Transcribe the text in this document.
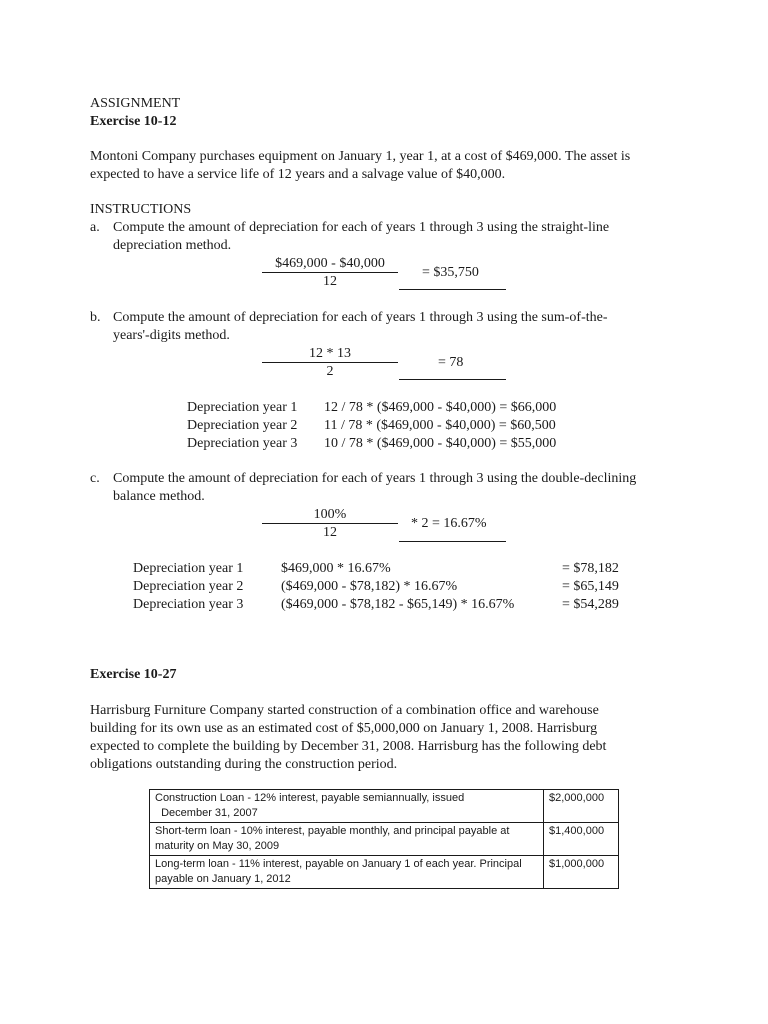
ASSIGNMENT

Exercise 10-12

Montoni Company purchases equipment on January 1, year 1, at a cost of $469,000. The asset is

expected to have a service life of 12 years and a salvage value of $40,000.

INSTRUCTIONS

a. Compute the amount of depreciation for each of years 1 through 3 using the straight-line

depreciation method.

$469,000 - $40,000
12

= $35,750

b. Compute the amount of depreciation for each of years 1 through 3 using the sum-of-the-

years'-digits method.

12 * 13
2

= 78

Depreciation year 1 12 / 78 * ($469,000 - $40,000) = $66,000

Depreciation year 2 11 / 78 * ($469,000 - $40,000) = $60,500

Depreciation year 3 10 / 78 * ($469,000 - $40,000) = $55,000

c. Compute the amount of depreciation for each of years 1 through 3 using the double-declining

balance method.

100%
12

* 2 = 16.67%

Depreciation year 1	$469,000 * 16.67%	= $78,182

Depreciation year 2	($469,000 - $78,182) * 16.67%	= $65,149

Depreciation year 3	($469,000 - $78,182 - $65,149) * 16.67%	= $54,289

Exercise 10-27

Harrisburg Furniture Company started construction of a combination office and warehouse

building for its own use as an estimated cost of $5,000,000 on January 1, 2008. Harrisburg

expected to complete the building by December 31, 2008. Harrisburg has the following debt

obligations outstanding during the construction period.

Construction Loan - 12% interest, payable semiannually, issued
December 31, 2007	$2,000,000

Short-term loan - 10% interest, payable monthly, and principal payable at
maturity on May 30, 2009	$1,400,000

Long-term loan - 11% interest, payable on January 1 of each year. Principal
payable on January 1, 2012	$1,000,000
